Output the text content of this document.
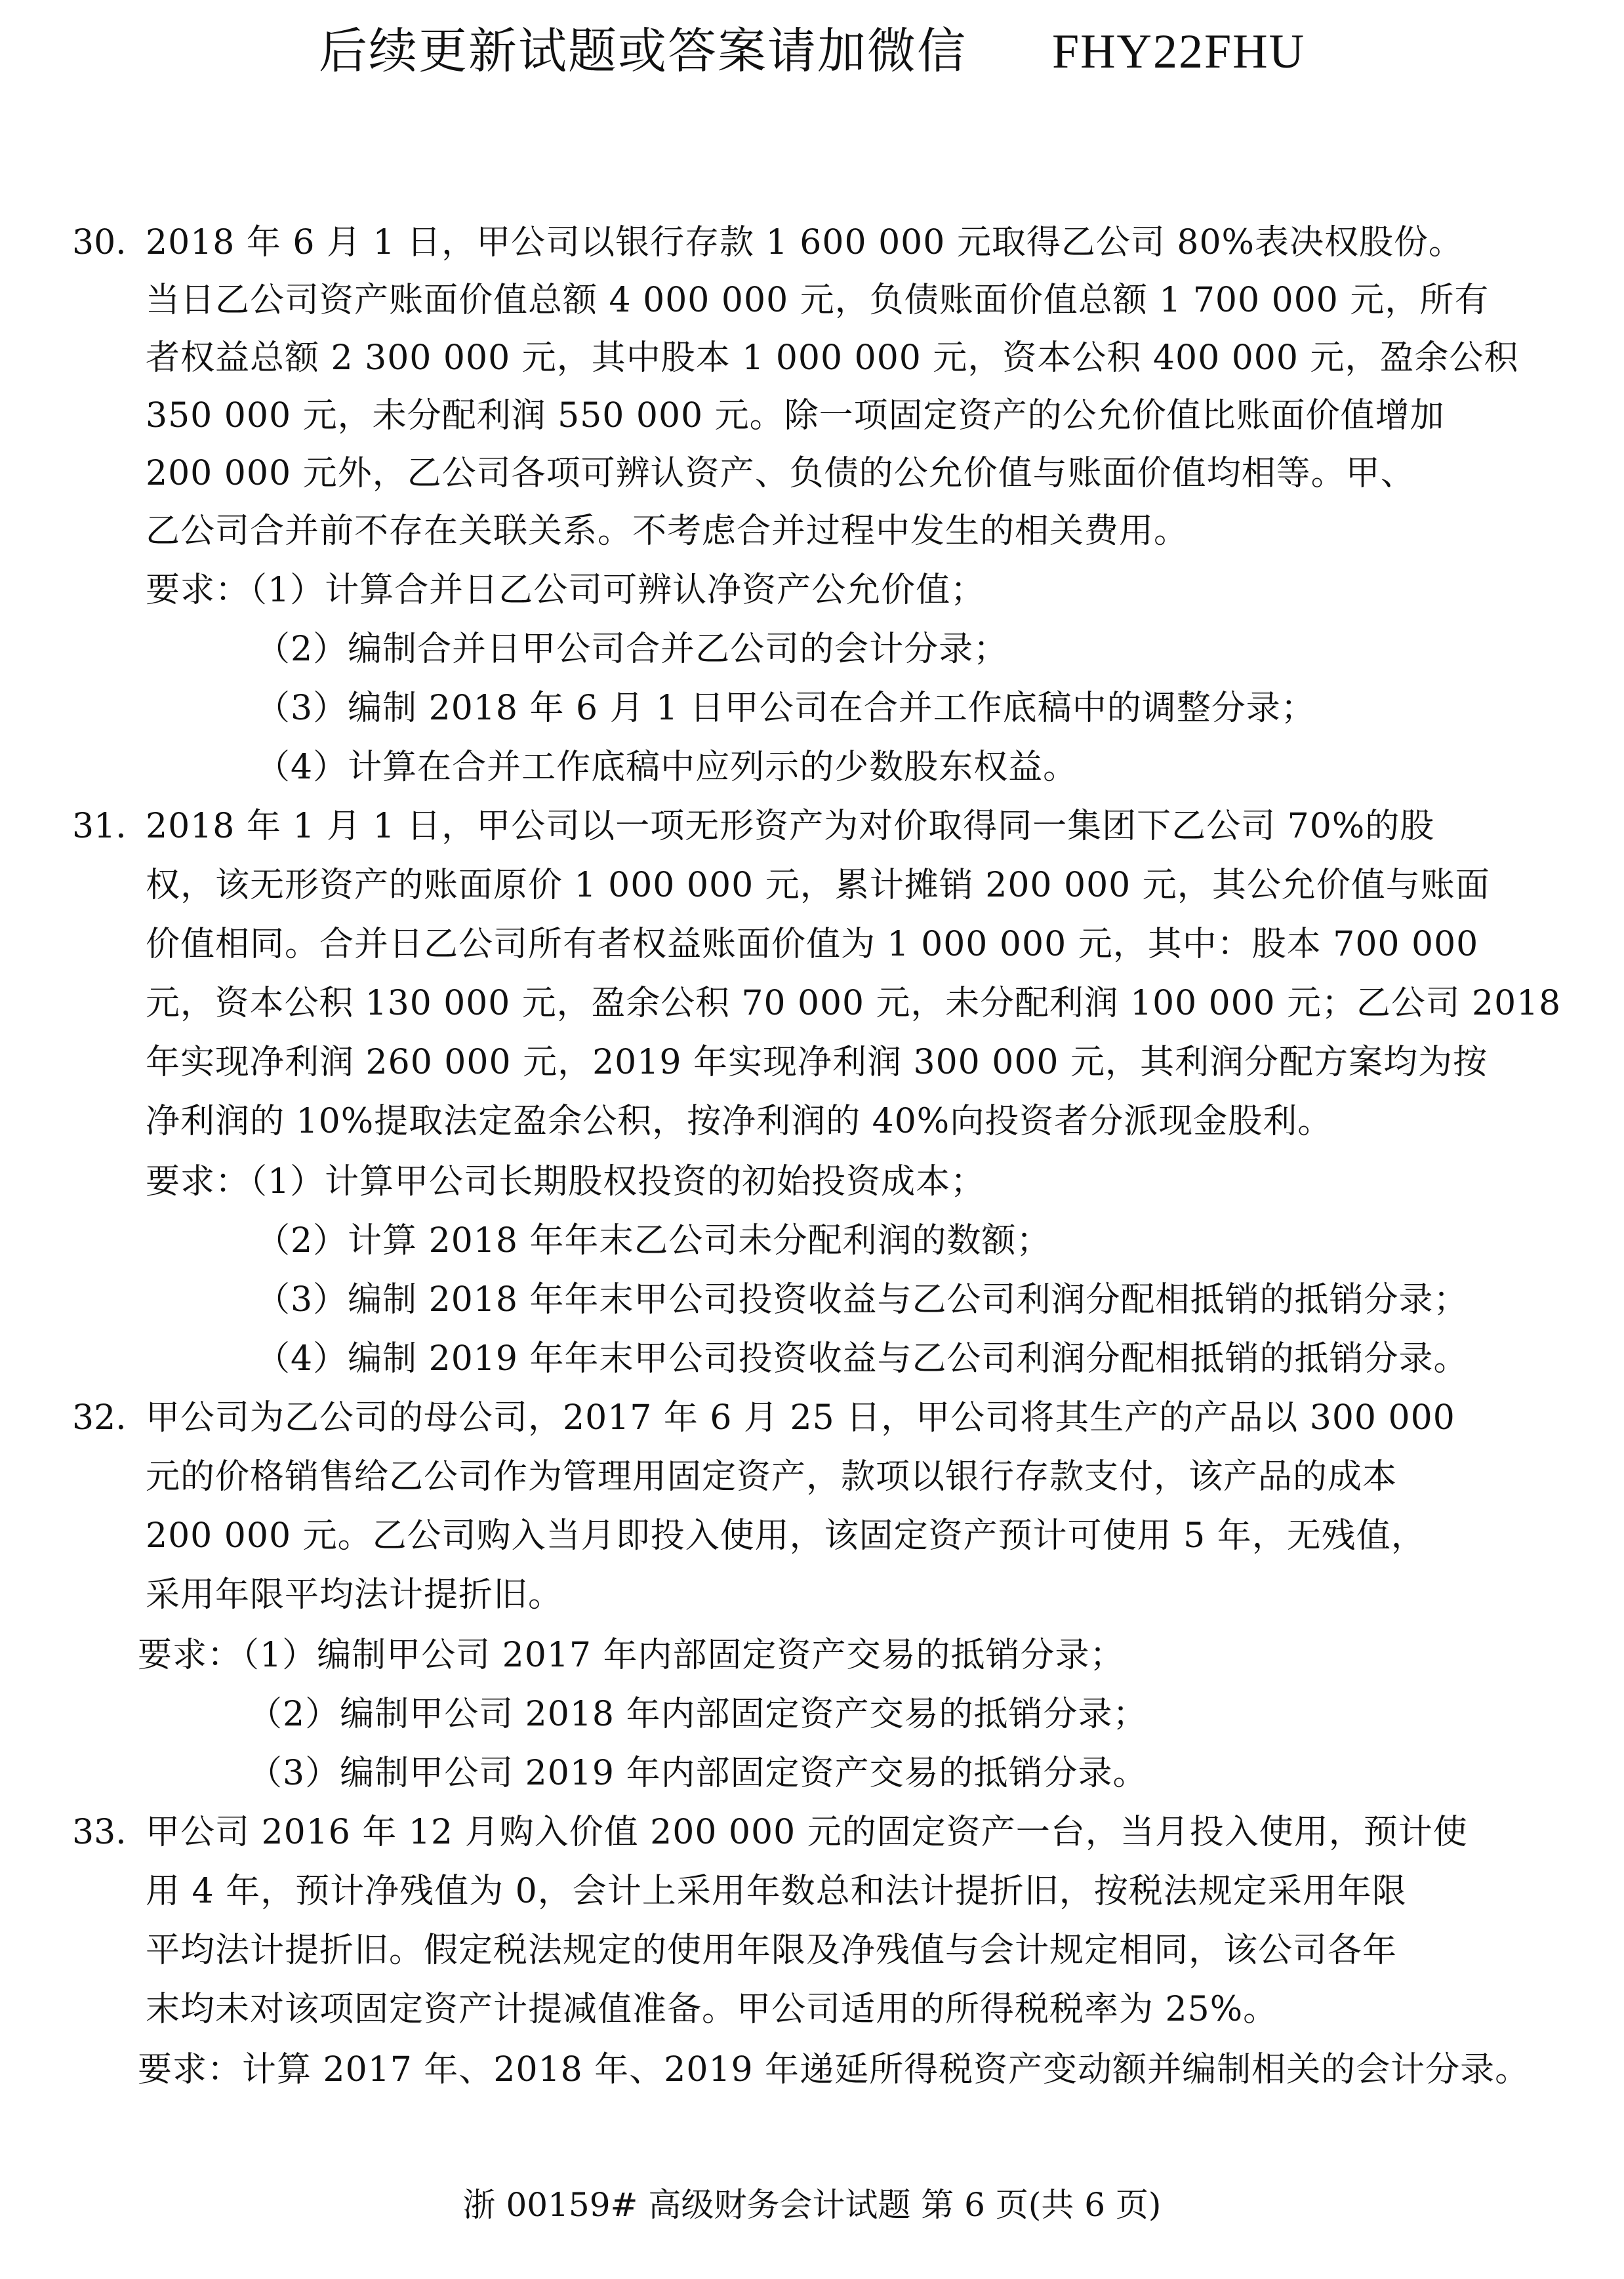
后续更新试题或答案请加微信 FHY22FHU
30. 2018 年 6 月 1 日，甲公司以银行存款 1 600 000 元取得乙公司 80%表决权股份。
当日乙公司资产账面价值总额 4 000 000 元，负债账面价值总额 1 700 000 元，所有
者权益总额 2 300 000 元，其中股本 1 000 000 元，资本公积 400 000 元，盈余公积
350 000 元，未分配利润 550 000 元。除一项固定资产的公允价值比账面价值增加
200 000 元外，乙公司各项可辨认资产、负债的公允价值与账面价值均相等。甲、
乙公司合并前不存在关联关系。不考虑合并过程中发生的相关费用。
要求：（1）计算合并日乙公司可辨认净资产公允价值；
（2）编制合并日甲公司合并乙公司的会计分录；
（3）编制 2018 年 6 月 1 日甲公司在合并工作底稿中的调整分录；
（4）计算在合并工作底稿中应列示的少数股东权益。
31. 2018 年 1 月 1 日，甲公司以一项无形资产为对价取得同一集团下乙公司 70%的股
权，该无形资产的账面原价 1 000 000 元，累计摊销 200 000 元，其公允价值与账面
价值相同。合并日乙公司所有者权益账面价值为 1 000 000 元，其中：股本 700 000
元，资本公积 130 000 元，盈余公积 70 000 元，未分配利润 100 000 元；乙公司 2018
年实现净利润 260 000 元，2019 年实现净利润 300 000 元，其利润分配方案均为按
净利润的 10%提取法定盈余公积，按净利润的 40%向投资者分派现金股利。
要求：（1）计算甲公司长期股权投资的初始投资成本；
（2）计算 2018 年年末乙公司未分配利润的数额；
（3）编制 2018 年年末甲公司投资收益与乙公司利润分配相抵销的抵销分录；
（4）编制 2019 年年末甲公司投资收益与乙公司利润分配相抵销的抵销分录。
32. 甲公司为乙公司的母公司，2017 年 6 月 25 日，甲公司将其生产的产品以 300 000
元的价格销售给乙公司作为管理用固定资产，款项以银行存款支付，该产品的成本
200 000 元。乙公司购入当月即投入使用，该固定资产预计可使用 5 年，无残值，
采用年限平均法计提折旧。
要求：（1）编制甲公司 2017 年内部固定资产交易的抵销分录；
（2）编制甲公司 2018 年内部固定资产交易的抵销分录；
（3）编制甲公司 2019 年内部固定资产交易的抵销分录。
33. 甲公司 2016 年 12 月购入价值 200 000 元的固定资产一台，当月投入使用，预计使
用 4 年，预计净残值为 0，会计上采用年数总和法计提折旧，按税法规定采用年限
平均法计提折旧。假定税法规定的使用年限及净残值与会计规定相同，该公司各年
末均未对该项固定资产计提减值准备。甲公司适用的所得税税率为 25%。
要求：计算 2017 年、2018 年、2019 年递延所得税资产变动额并编制相关的会计分录。
浙 00159# 高级财务会计试题 第 6 页(共 6 页)
